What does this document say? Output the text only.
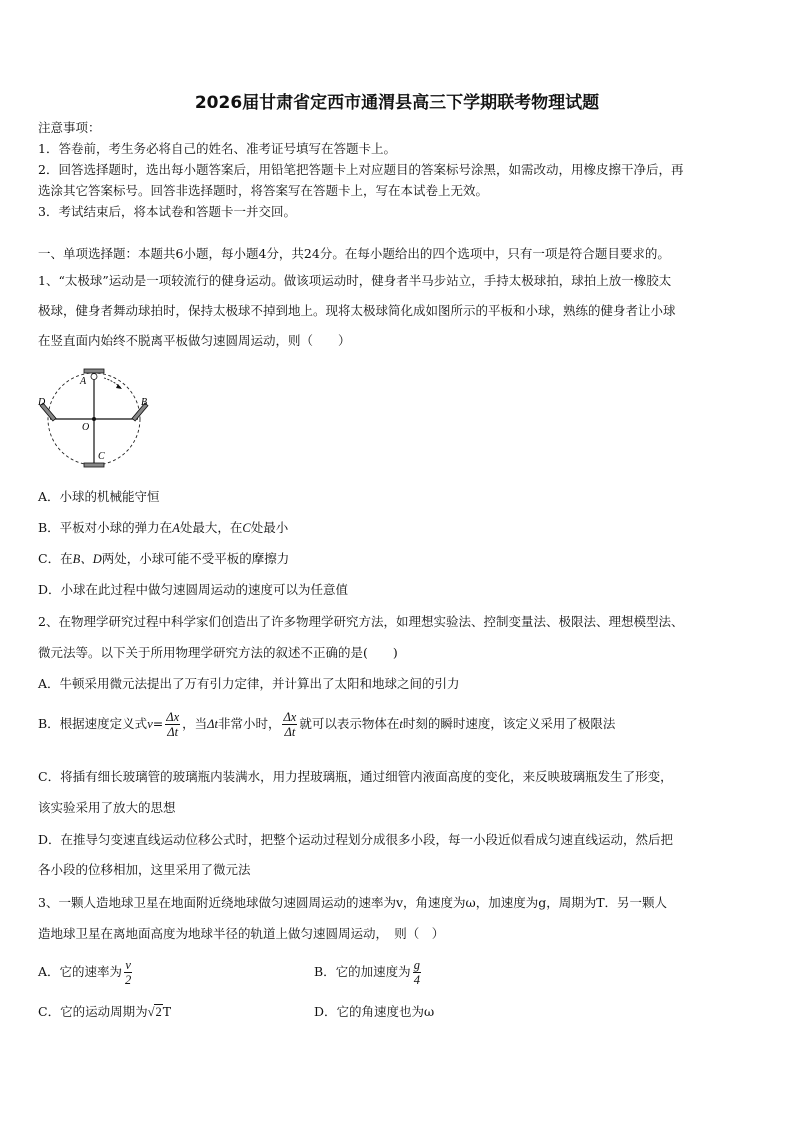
2026届甘肃省定西市通渭县高三下学期联考物理试题
注意事项：
1．答卷前，考生务必将自己的姓名、准考证号填写在答题卡上。
2．回答选择题时，选出每小题答案后，用铅笔把答题卡上对应题目的答案标号涂黑，如需改动，用橡皮擦干净后，再
选涂其它答案标号。回答非选择题时，将答案写在答题卡上，写在本试卷上无效。
3．考试结束后，将本试卷和答题卡一并交回。
一、单项选择题：本题共6小题，每小题4分，共24分。在每小题给出的四个选项中，只有一项是符合题目要求的。
1、“太极球”运动是一项较流行的健身运动。做该项运动时，健身者半马步站立，手持太极球拍，球拍上放一橡胶太
极球，健身者舞动球拍时，保持太极球不掉到地上。现将太极球简化成如图所示的平板和小球，熟练的健身者让小球
在竖直面内始终不脱离平板做匀速圆周运动，则（　　）
A
B
C
D
O
A．小球的机械能守恒
B．平板对小球的弹力在A处最大，在C处最小
C．在B、D两处，小球可能不受平板的摩擦力
D．小球在此过程中做匀速圆周运动的速度可以为任意值
2、在物理学研究过程中科学家们创造出了许多物理学研究方法，如理想实验法、控制变量法、极限法、理想模型法、
微元法等。以下关于所用物理学研究方法的叙述不正确的是(　　)
A．牛顿采用微元法提出了万有引力定律，并计算出了太阳和地球之间的引力
B．根据速度定义式$v= \frac{\Delta x}{\Delta t}$ ，当Δt非常小时， $\frac{\Delta x}{\Delta t}$ 就可以表示物体在t时刻的瞬时速度，该定义采用了极限法
C．将插有细长玻璃管的玻璃瓶内装满水，用力捏玻璃瓶，通过细管内液面高度的变化，来反映玻璃瓶发生了形变，
该实验采用了放大的思想
D．在推导匀变速直线运动位移公式时，把整个运动过程划分成很多小段，每一小段近似看成匀速直线运动，然后把
各小段的位移相加，这里采用了微元法
3、一颗人造地球卫星在地面附近绕地球做匀速圆周运动的速率为v，角速度为ω，加速度为g，周期为T．另一颗人
造地球卫星在离地面高度为地球半径的轨道上做匀速圆周运动，　则（　）
A．它的速率为 $\frac{v}{2}$	B．它的加速度为 $\frac{g}{4}$
C．它的运动周期为√2T	D．它的角速度也为ω
